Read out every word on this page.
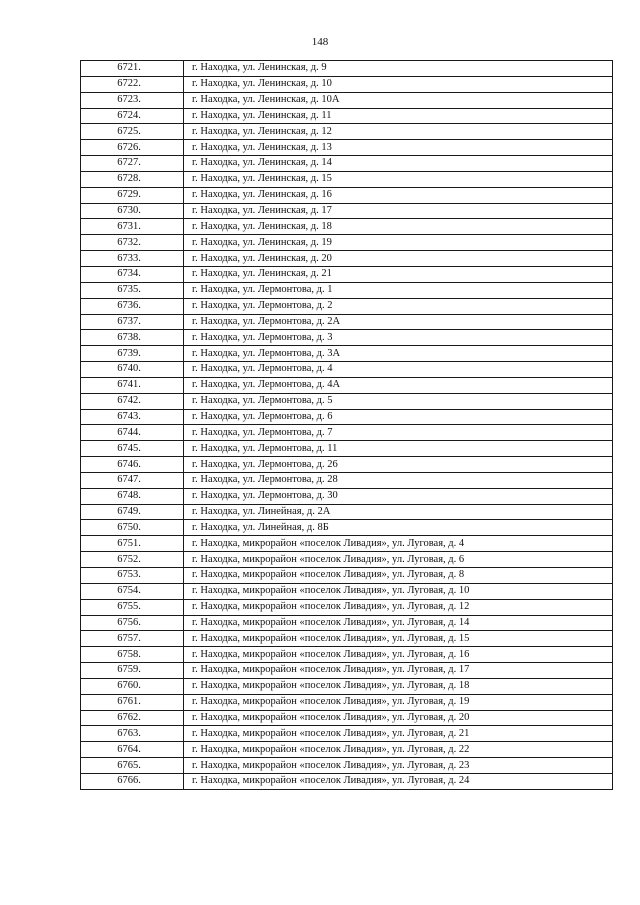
148
6721.	г. Находка, ул. Ленинская, д. 9
6722.	г. Находка, ул. Ленинская, д. 10
6723.	г. Находка, ул. Ленинская, д. 10А
6724.	г. Находка, ул. Ленинская, д. 11
6725.	г. Находка, ул. Ленинская, д. 12
6726.	г. Находка, ул. Ленинская, д. 13
6727.	г. Находка, ул. Ленинская, д. 14
6728.	г. Находка, ул. Ленинская, д. 15
6729.	г. Находка, ул. Ленинская, д. 16
6730.	г. Находка, ул. Ленинская, д. 17
6731.	г. Находка, ул. Ленинская, д. 18
6732.	г. Находка, ул. Ленинская, д. 19
6733.	г. Находка, ул. Ленинская, д. 20
6734.	г. Находка, ул. Ленинская, д. 21
6735.	г. Находка, ул. Лермонтова, д. 1
6736.	г. Находка, ул. Лермонтова, д. 2
6737.	г. Находка, ул. Лермонтова, д. 2А
6738.	г. Находка, ул. Лермонтова, д. 3
6739.	г. Находка, ул. Лермонтова, д. 3А
6740.	г. Находка, ул. Лермонтова, д. 4
6741.	г. Находка, ул. Лермонтова, д. 4А
6742.	г. Находка, ул. Лермонтова, д. 5
6743.	г. Находка, ул. Лермонтова, д. 6
6744.	г. Находка, ул. Лермонтова, д. 7
6745.	г. Находка, ул. Лермонтова, д. 11
6746.	г. Находка, ул. Лермонтова, д. 26
6747.	г. Находка, ул. Лермонтова, д. 28
6748.	г. Находка, ул. Лермонтова, д. 30
6749.	г. Находка, ул. Линейная, д. 2А
6750.	г. Находка, ул. Линейная, д. 8Б
6751.	г. Находка, микрорайон «поселок Ливадия», ул. Луговая, д. 4
6752.	г. Находка, микрорайон «поселок Ливадия», ул. Луговая, д. 6
6753.	г. Находка, микрорайон «поселок Ливадия», ул. Луговая, д. 8
6754.	г. Находка, микрорайон «поселок Ливадия», ул. Луговая, д. 10
6755.	г. Находка, микрорайон «поселок Ливадия», ул. Луговая, д. 12
6756.	г. Находка, микрорайон «поселок Ливадия», ул. Луговая, д. 14
6757.	г. Находка, микрорайон «поселок Ливадия», ул. Луговая, д. 15
6758.	г. Находка, микрорайон «поселок Ливадия», ул. Луговая, д. 16
6759.	г. Находка, микрорайон «поселок Ливадия», ул. Луговая, д. 17
6760.	г. Находка, микрорайон «поселок Ливадия», ул. Луговая, д. 18
6761.	г. Находка, микрорайон «поселок Ливадия», ул. Луговая, д. 19
6762.	г. Находка, микрорайон «поселок Ливадия», ул. Луговая, д. 20
6763.	г. Находка, микрорайон «поселок Ливадия», ул. Луговая, д. 21
6764.	г. Находка, микрорайон «поселок Ливадия», ул. Луговая, д. 22
6765.	г. Находка, микрорайон «поселок Ливадия», ул. Луговая, д. 23
6766.	г. Находка, микрорайон «поселок Ливадия», ул. Луговая, д. 24
